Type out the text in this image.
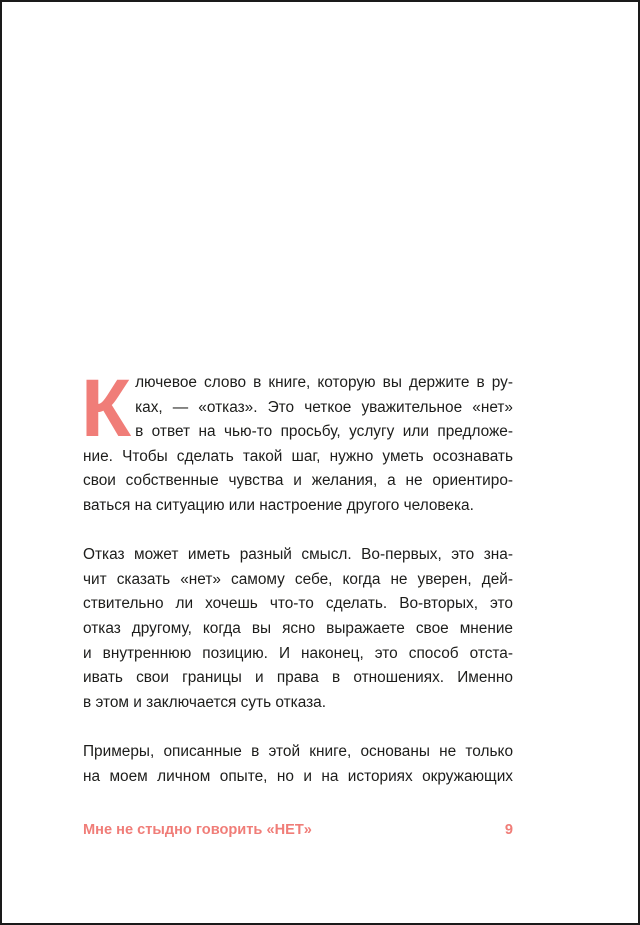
К лючевое слово в книге, которую вы держите в ру-
ках, — «отказ». Это четкое уважительное «нет»
в ответ на чью-то просьбу, услугу или предложе-
ние. Чтобы сделать такой шаг, нужно уметь осознавать
свои собственные чувства и желания, а не ориентиро-
ваться на ситуацию или настроение другого человека.
Отказ может иметь разный смысл. Во-первых, это зна-
чит сказать «нет» самому себе, когда не уверен, дей-
ствительно ли хочешь что-то сделать. Во-вторых, это
отказ другому, когда вы ясно выражаете свое мнение
и внутреннюю позицию. И наконец, это способ отста-
ивать свои границы и права в отношениях. Именно
в этом и заключается суть отказа.
Примеры, описанные в этой книге, основаны не только
на моем личном опыте, но и на историях окружающих
Мне не стыдно говорить «НЕТ»	9
